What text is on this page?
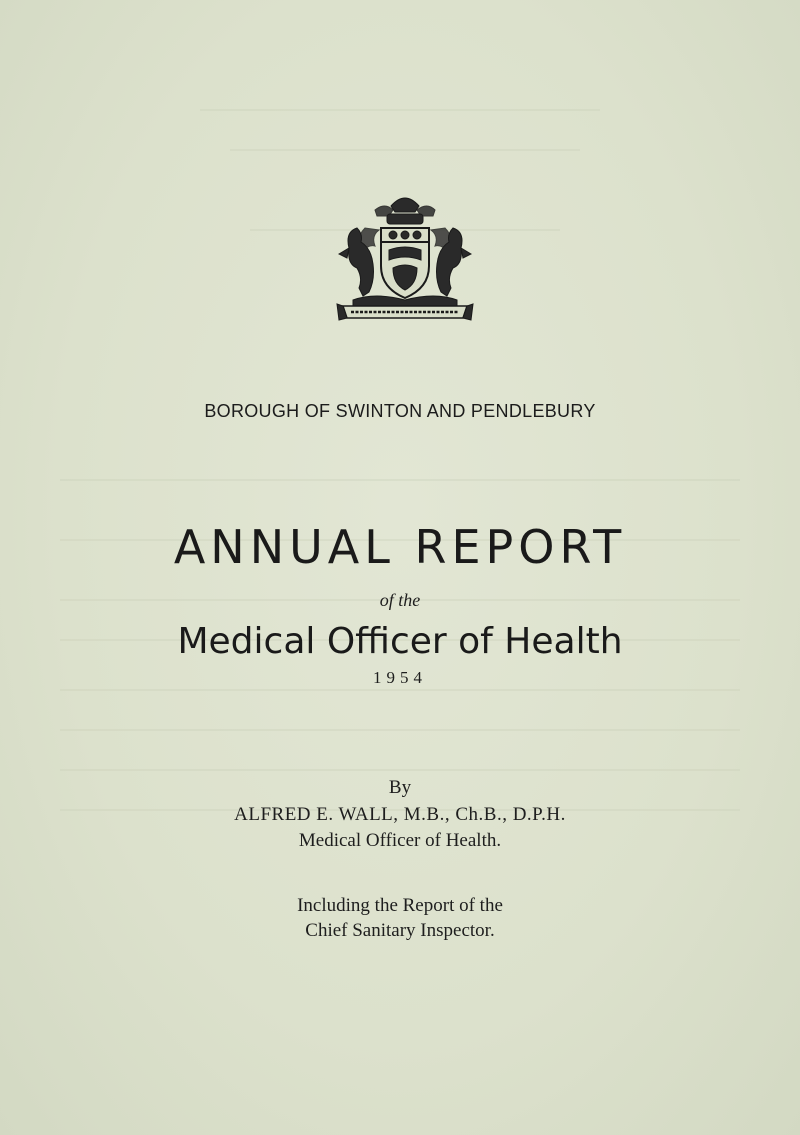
BOROUGH OF SWINTON AND PENDLEBURY
ANNUAL REPORT
of the
Medical Officer of Health
1954
By
ALFRED E. WALL, M.B., Ch.B., D.P.H.
Medical Officer of Health.
Including the Report of the
Chief Sanitary Inspector.
